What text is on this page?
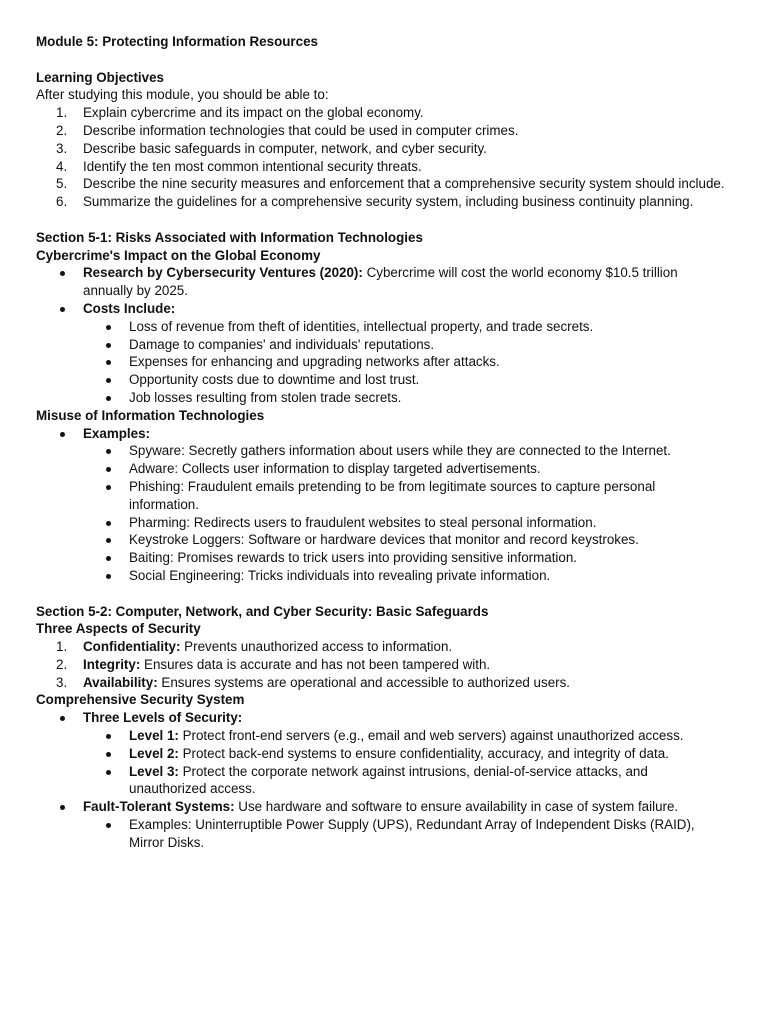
Module 5: Protecting Information Resources

Learning Objectives

After studying this module, you should be able to:

1.	Explain cybercrime and its impact on the global economy.
2.	Describe information technologies that could be used in computer crimes.
3.	Describe basic safeguards in computer, network, and cyber security.
4.	Identify the ten most common intentional security threats.
5.	Describe the nine security measures and enforcement that a comprehensive security system should include.
6.	Summarize the guidelines for a comprehensive security system, including business continuity planning.

Section 5-1: Risks Associated with Information Technologies

Cybercrime's Impact on the Global Economy

Research by Cybersecurity Ventures (2020): Cybercrime will cost the world economy $10.5 trillion annually by 2025.
Costs Include:
Loss of revenue from theft of identities, intellectual property, and trade secrets.
Damage to companies' and individuals' reputations.
Expenses for enhancing and upgrading networks after attacks.
Opportunity costs due to downtime and lost trust.
Job losses resulting from stolen trade secrets.

Misuse of Information Technologies

Examples:
Spyware: Secretly gathers information about users while they are connected to the Internet.
Adware: Collects user information to display targeted advertisements.
Phishing: Fraudulent emails pretending to be from legitimate sources to capture personal information.
Pharming: Redirects users to fraudulent websites to steal personal information.
Keystroke Loggers: Software or hardware devices that monitor and record keystrokes.
Baiting: Promises rewards to trick users into providing sensitive information.
Social Engineering: Tricks individuals into revealing private information.

Section 5-2: Computer, Network, and Cyber Security: Basic Safeguards

Three Aspects of Security

1.	Confidentiality: Prevents unauthorized access to information.
2.	Integrity: Ensures data is accurate and has not been tampered with.
3.	Availability: Ensures systems are operational and accessible to authorized users.

Comprehensive Security System

Three Levels of Security:
Level 1: Protect front-end servers (e.g., email and web servers) against unauthorized access.
Level 2: Protect back-end systems to ensure confidentiality, accuracy, and integrity of data.
Level 3: Protect the corporate network against intrusions, denial-of-service attacks, and unauthorized access.
Fault-Tolerant Systems: Use hardware and software to ensure availability in case of system failure.
Examples: Uninterruptible Power Supply (UPS), Redundant Array of Independent Disks (RAID), Mirror Disks.
